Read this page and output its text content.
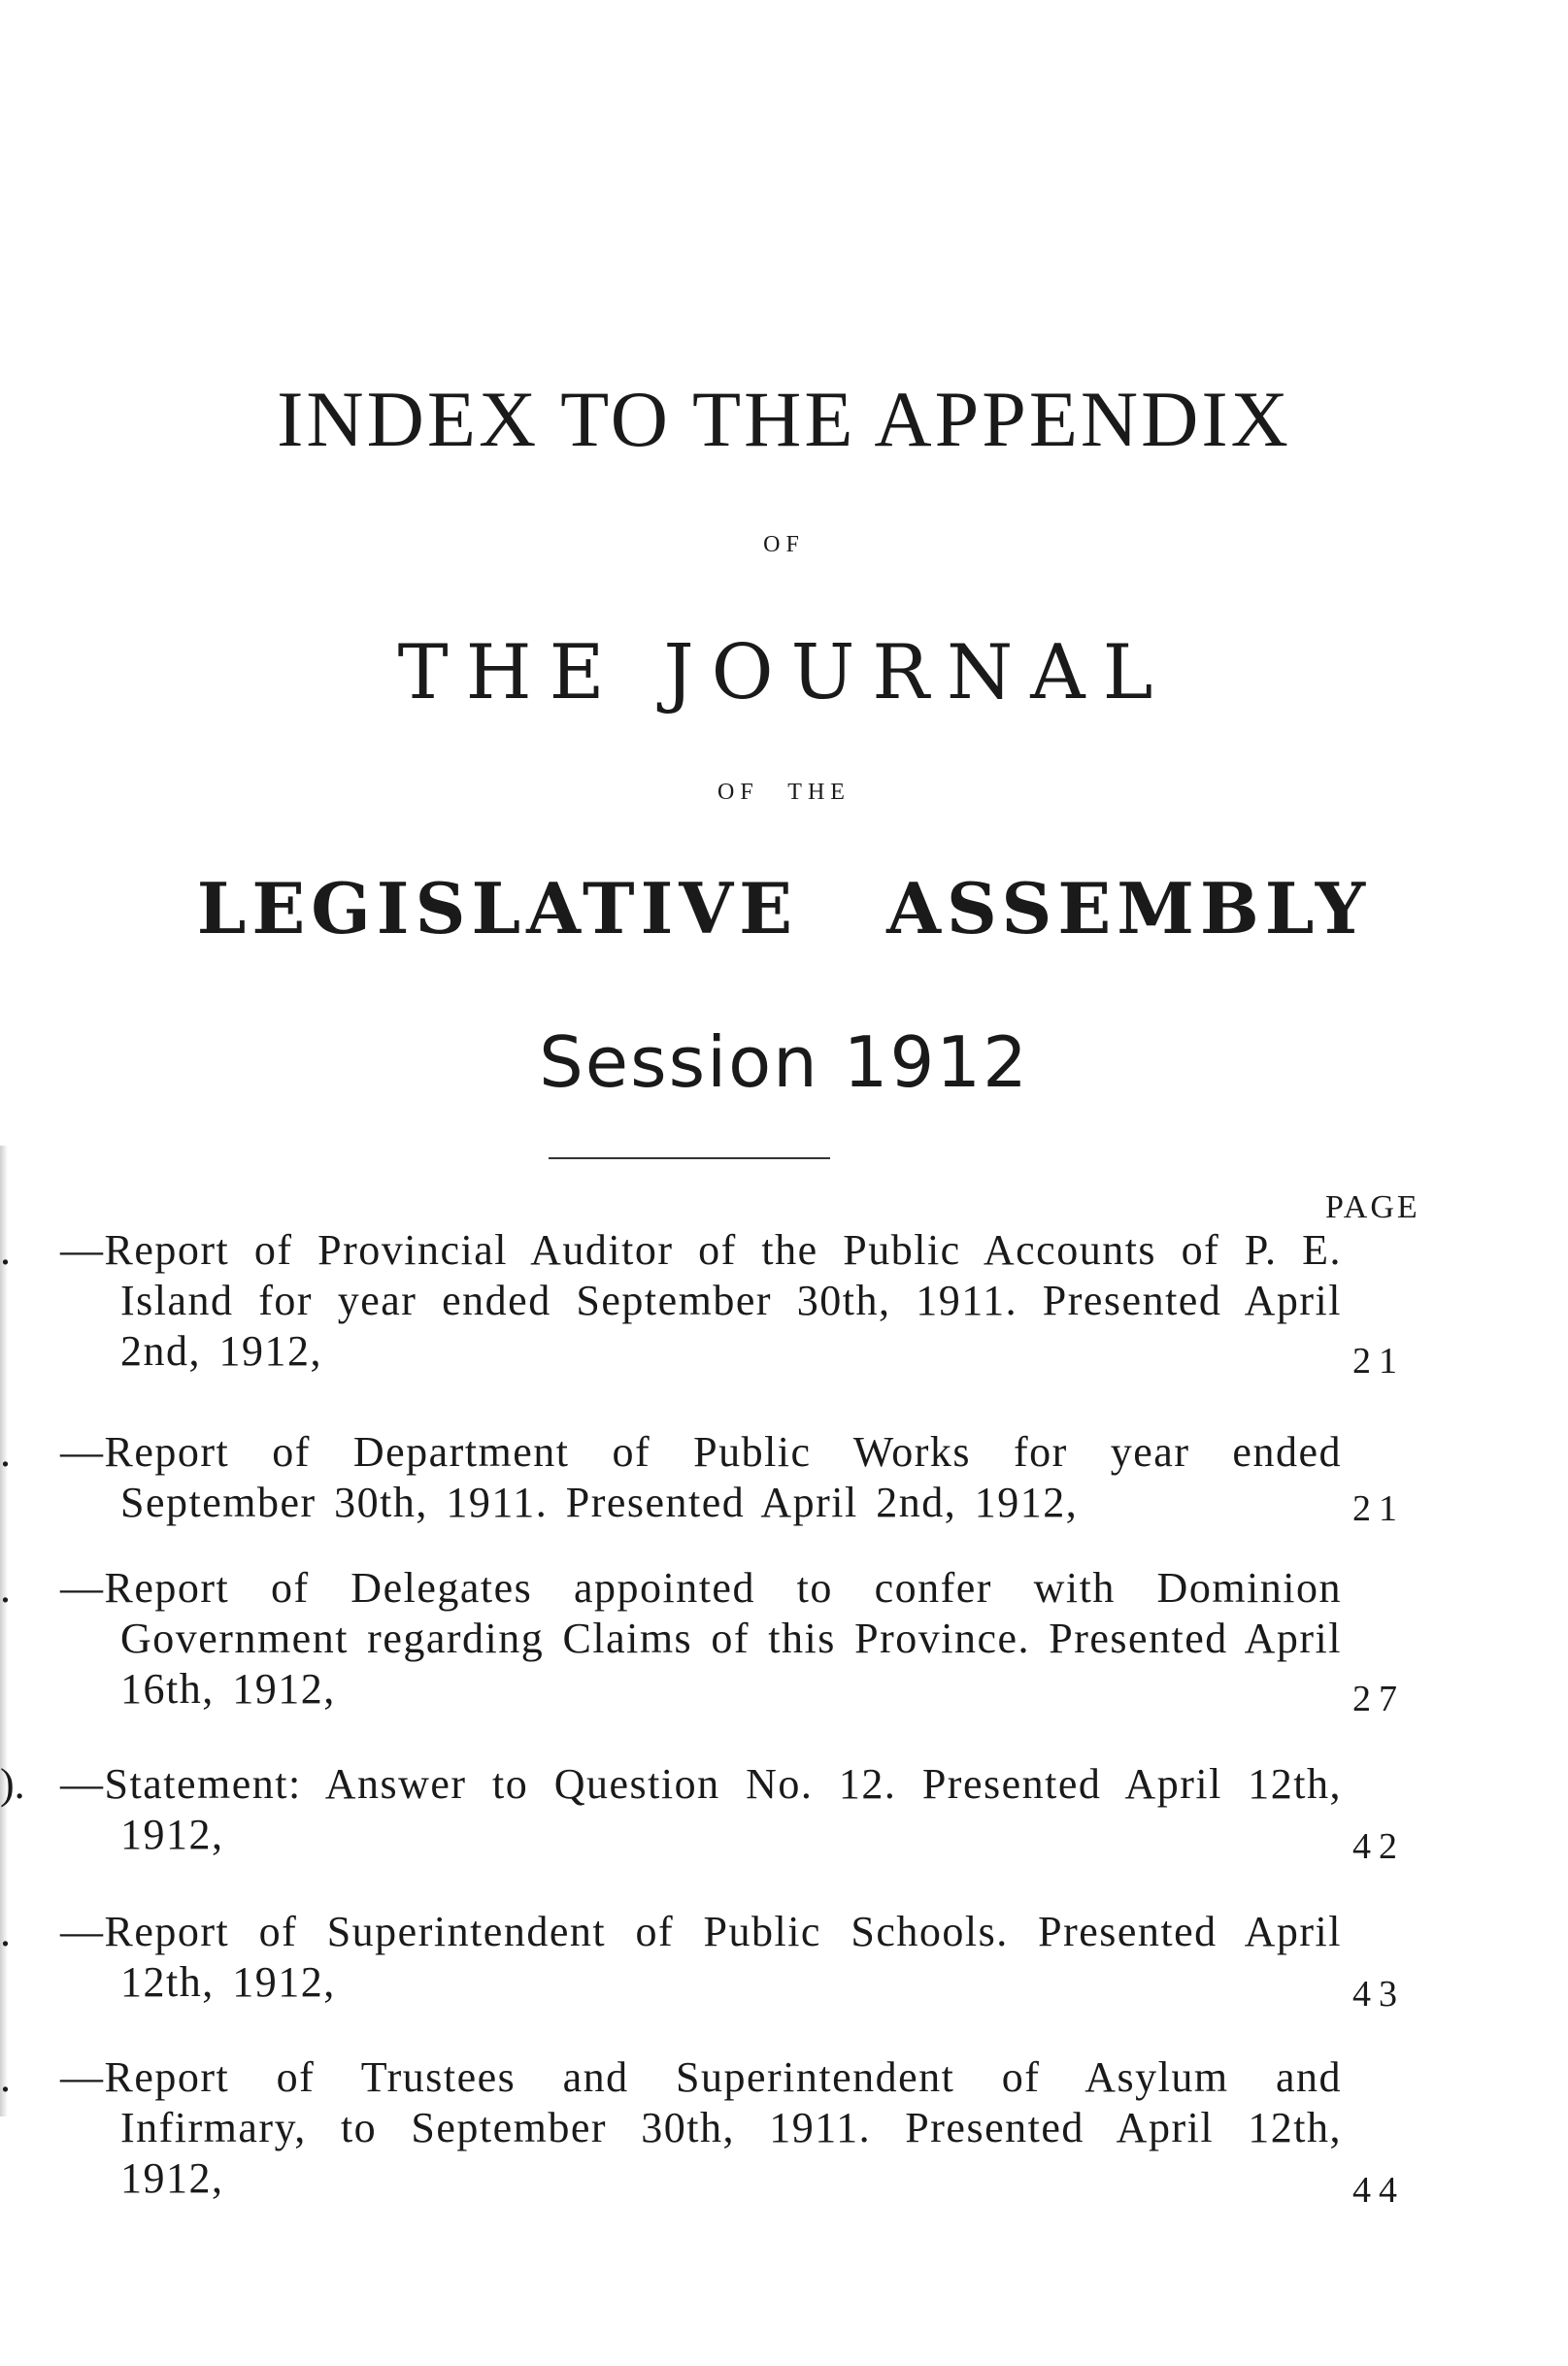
INDEX TO THE APPENDIX
OF
THE JOURNAL
OF THE
LEGISLATIVE ASSEMBLY
Session 1912
PAGE
. —Report of Provincial Auditor of the Public Accounts of P. E. Island for year ended September 30th, 1911. Presented April 2nd, 1912,	21
. —Report of Department of Public Works for year ended September 30th, 1911. Presented April 2nd, 1912,	21
. —Report of Delegates appointed to confer with Dominion Government regarding Claims of this Province. Presented April 16th, 1912,	27
). —Statement: Answer to Question No. 12. Presented April 12th, 1912,	42
. —Report of Superintendent of Public Schools. Presented April 12th, 1912,	43
. —Report of Trustees and Superintendent of Asylum and Infirmary, to September 30th, 1911. Presented April 12th, 1912,	44
